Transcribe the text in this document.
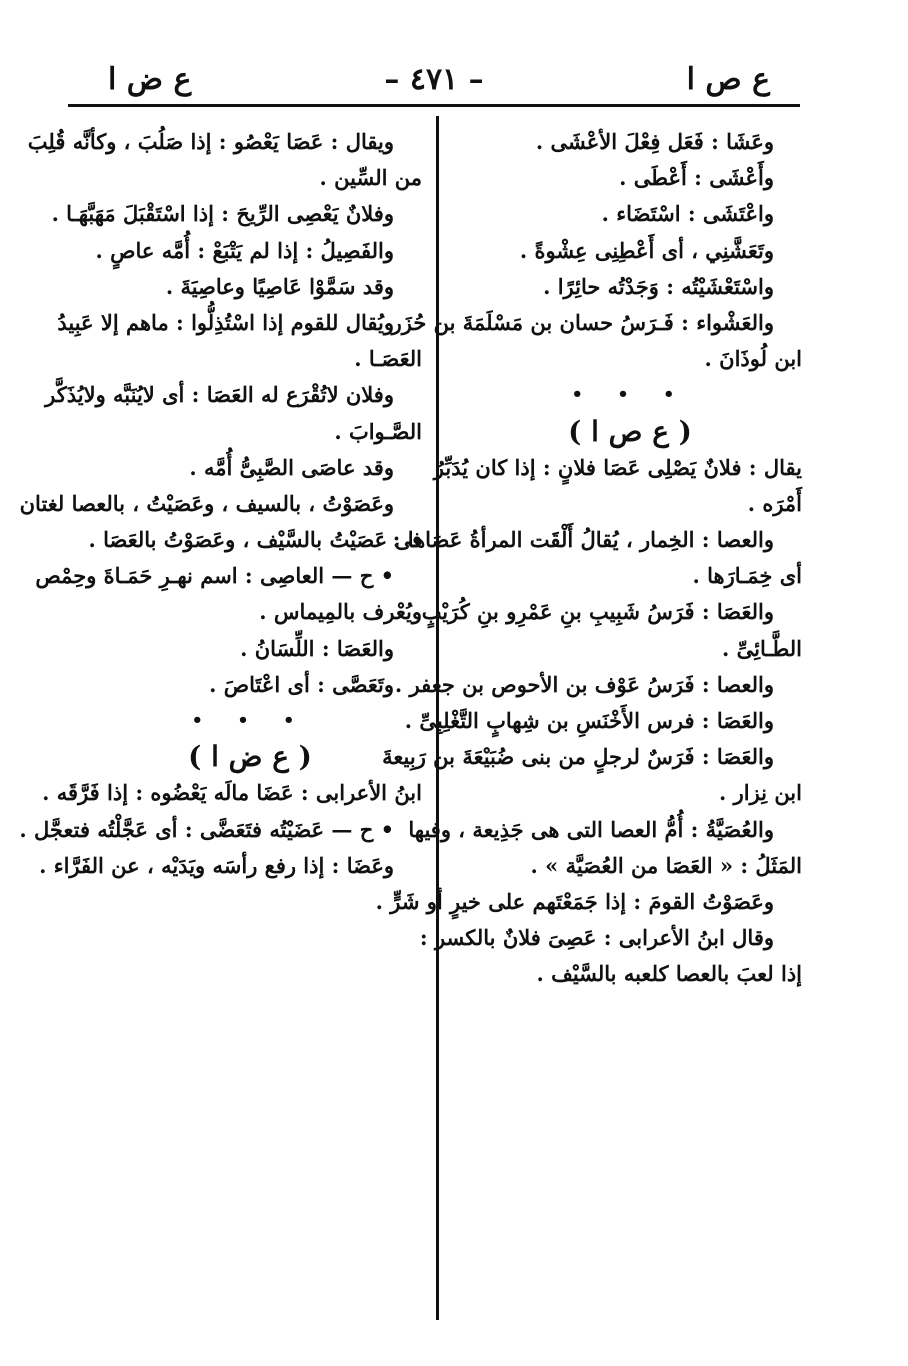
ع ص ا
– ٤٧١ –
ع ض ا
وعَشَا : فَعَل فِعْلَ الأعْشَى .
وأَعْشَى : أَعْطَى .
واعْتَشَى : اسْتَضَاء .
وتَعَشَّنِي ، أى أَعْطِنِى عِشْوةً .
واسْتَعْشَيْتُه : وَجَدْتُه حائِرًا .
والعَشْواء : فَـرَسُ حسان بن مَسْلَمَةَ بن حُزَر
ابن لُوذَانَ .
• • •
( ع ص ا )
يقال : فلانٌ يَصْلِى عَصَا فلانٍ : إذا كان يُدَبِّرُ
أَمْرَه .
والعصا : الخِمار ، يُقالُ أَلْقَت المرأةُ عَصَاها :
أى خِمَـارَها .
والعَصَا : فَرَسُ شَبِيبِ بنِ عَمْرِو بنِ كُرَيْبٍ
الطَّـائِىِّ .
والعصا : فَرَسُ عَوْف بن الأحوص بن جعفر .
والعَصَا : فرس الأَخْنَسِ بن شِهابٍ التَّغْلِبِىِّ .
والعَصَا : فَرَسٌ لرجلٍ من بنى ضُبَيْعَةَ بن رَبِيعةَ
ابن نِزار .
والعُصَيَّةُ : أُمُّ العصا التى هى جَذِيعة ، وفيها
المَثَلُ : « العَصَا من العُصَيَّة » .
وعَصَوْتُ القومَ : إذا جَمَعْتَهم على خيرٍ أو شَرٍّ .
وقال ابنُ الأعرابى : عَصِىَ فلانٌ بالكسر :
إذا لعبَ بالعصا كلعبه بالسَّيْف .
ويقال : عَصَا يَعْصُو : إذا صَلُبَ ، وكأنَّه قُلِبَ
من السِّين .
وفلانٌ يَعْصِى الرِّيحَ : إذا اسْتَقْبَلَ مَهَبَّهَـا .
والفَصِيلُ : إذا لم يَتْبَعْ : أُمَّه عاصٍ .
وقد سَمَّوْا عَاصِيًا وعاصِيَةَ .
ويُقال للقوم إذا اسْتُذِلُّوا : ماهم إلا عَبِيدُ
العَصَـا .
وفلان لاتُقْرَع له العَصَا : أى لايُنَبَّه ولايُذَكَّر
الصَّـوابَ .
وقد عاصَى الصَّبِىُّ أُمَّه .
وعَصَوْتُ ، بالسيف ، وعَصَيْتُ ، بالعصا لغتان
فى عَصَيْتُ بالسَّيْف ، وعَصَوْتُ بالعَصَا .
• ح — العاصِى : اسم نهـرِ حَمَـاةَ وحِمْص
ويُعْرف بالمِيماس .
والعَصَا : اللِّسَانُ .
وتَعَصَّى : أى اعْتَاصَ .
• • •
( ع ض ا )
ابنُ الأعرابى : عَضَا مالَه يَعْضُوه : إذا فَرَّقَه .
• ح — عَضَيْتُه فتَعَضَّى : أى عَجَّلْتُه فتعجَّل .
وعَضَا : إذا رفع رأسَه ويَدَيْه ، عن الفَرَّاء .
